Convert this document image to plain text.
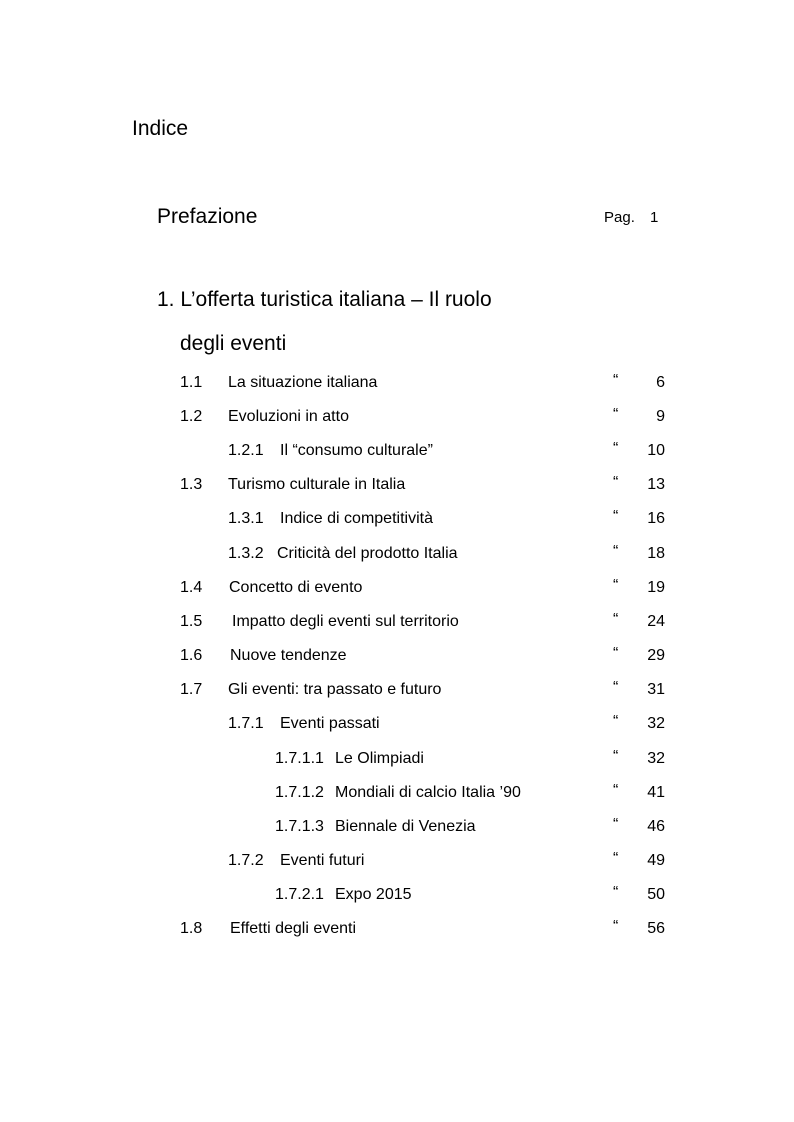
Indice
Prefazione	Pag. 1
1. L’offerta turistica italiana – Il ruolo
degli eventi
1.1 La situazione italiana	“	6
1.2 Evoluzioni in atto	“	9
1.2.1 Il “consumo culturale”	“	10
1.3 Turismo culturale in Italia	“	13
1.3.1 Indice di competitività	“	16
1.3.2 Criticità del prodotto Italia	“	18
1.4 Concetto di evento	“	19
1.5 Impatto degli eventi sul territorio	“	24
1.6 Nuove tendenze	“	29
1.7 Gli eventi: tra passato e futuro	“	31
1.7.1 Eventi passati	“	32
1.7.1.1 Le Olimpiadi	“	32
1.7.1.2 Mondiali di calcio Italia ’90	“	41
1.7.1.3 Biennale di Venezia	“	46
1.7.2 Eventi futuri	“	49
1.7.2.1 Expo 2015	“	50
1.8 Effetti degli eventi	“	56
